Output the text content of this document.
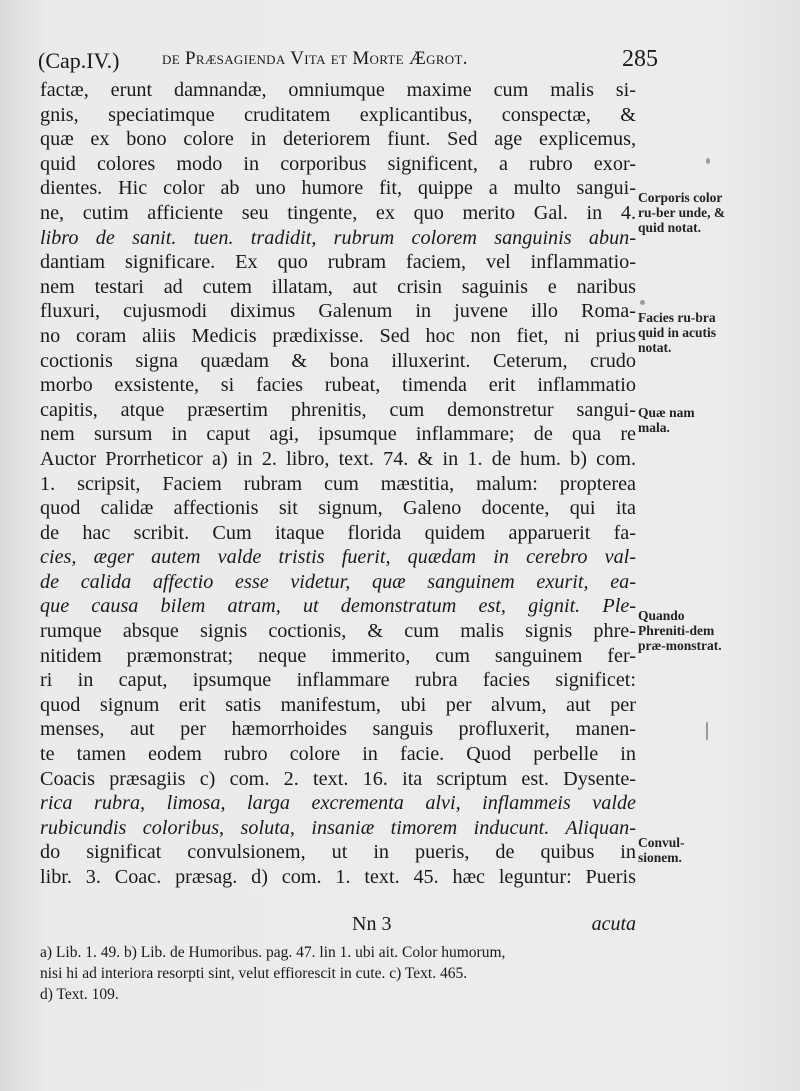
(Cap.IV.) de Præsagienda Vita et Morte Ægrot.	285
factæ, erunt damnandæ, omniumque maxime cum malis si-
gnis, speciatimque cruditatem explicantibus, conspectæ, &
quæ ex bono colore in deteriorem fiunt. Sed age explicemus,
quid colores modo in corporibus significent, a rubro exor-
dientes. Hic color ab uno humore fit, quippe a multo sangui-
ne, cutim afficiente seu tingente, ex quo merito Gal. in 4.
libro de sanit. tuen. tradidit, rubrum colorem sanguinis abun-
dantiam significare. Ex quo rubram faciem, vel inflammatio-
nem testari ad cutem illatam, aut crisin saguinis e naribus
fluxuri, cujusmodi diximus Galenum in juvene illo Roma-
no coram aliis Medicis prædixisse. Sed hoc non fiet, ni prius
coctionis signa quædam & bona illuxerint. Ceterum, crudo
morbo exsistente, si facies rubeat, timenda erit inflammatio
capitis, atque præsertim phrenitis, cum demonstretur sangui-
nem sursum in caput agi, ipsumque inflammare; de qua re
Auctor Prorrheticor a) in 2. libro, text. 74. & in 1. de hum. b) com.
1. scripsit, Faciem rubram cum mæstitia, malum: propterea
quod calidæ affectionis sit signum, Galeno docente, qui ita
de hac scribit. Cum itaque florida quidem apparuerit fa-
cies, æger autem valde tristis fuerit, quædam in cerebro val-
de calida affectio esse videtur, quæ sanguinem exurit, ea-
que causa bilem atram, ut demonstratum est, gignit. Ple-
rumque absque signis coctionis, & cum malis signis phre-
nitidem præmonstrat; neque immerito, cum sanguinem fer-
ri in caput, ipsumque inflammare rubra facies significet:
quod signum erit satis manifestum, ubi per alvum, aut per
menses, aut per hæmorrhoides sanguis profluxerit, manen-
te tamen eodem rubro colore in facie. Quod perbelle in
Coacis præsagiis c) com. 2. text. 16. ita scriptum est. Dysente-
rica rubra, limosa, larga excrementa alvi, inflammeis valde
rubicundis coloribus, soluta, insaniæ timorem inducunt. Aliquan-
do significat convulsionem, ut in pueris, de quibus in
libr. 3. Coac. præsag. d) com. 1. text. 45. hæc leguntur: Pueris
Corporis color ru-ber unde, & quid notat.
Facies ru-bra quid in acutis notat.
Quæ nam mala.
Quando Phreniti-dem præ-monstrat.
Convul-sionem.
Nn 3	acuta
a) Lib. 1. 49. b) Lib. de Humoribus. pag. 47. lin 1. ubi ait. Color humorum,
nisi hi ad interiora resorpti sint, velut effiorescit in cute. c) Text. 465.
d) Text. 109.
